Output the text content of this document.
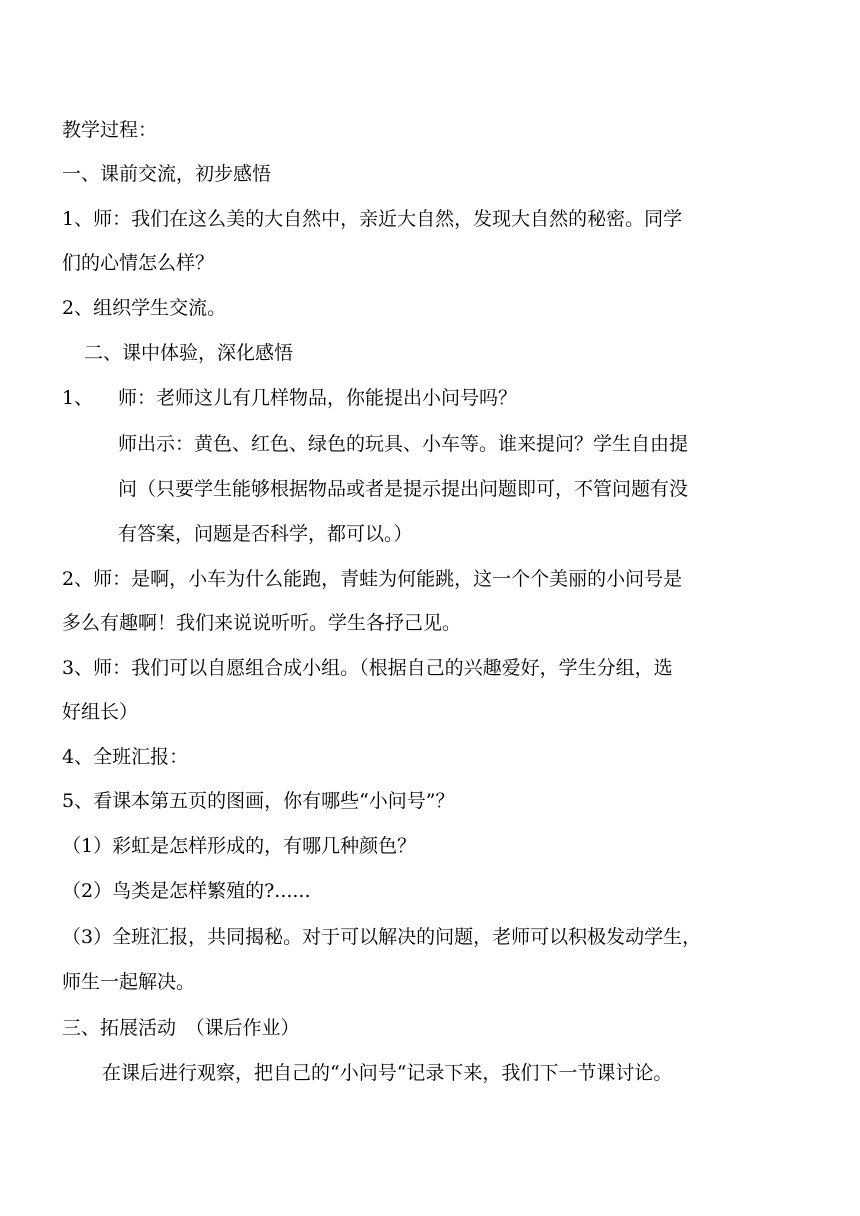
教学过程：
一、课前交流，初步感悟
1、师：我们在这么美的大自然中，亲近大自然，发现大自然的秘密。同学
们的心情怎么样？
2、组织学生交流。
二、课中体验，深化感悟
1、 师：老师这儿有几样物品，你能提出小问号吗？
师出示：黄色、红色、绿色的玩具、小车等。谁来提问？学生自由提
问（只要学生能够根据物品或者是提示提出问题即可，不管问题有没
有答案，问题是否科学，都可以。）
2、师：是啊，小车为什么能跑，青蛙为何能跳，这一个个美丽的小问号是
多么有趣啊！我们来说说听听。学生各抒己见。
3、师：我们可以自愿组合成小组。（根据自己的兴趣爱好，学生分组，选
好组长）
4、全班汇报：
5、看课本第五页的图画，你有哪些“小问号”？
（1）彩虹是怎样形成的，有哪几种颜色？
（2）鸟类是怎样繁殖的?......
（3）全班汇报，共同揭秘。对于可以解决的问题，老师可以积极发动学生，
师生一起解决。
三、拓展活动　（课后作业）
在课后进行观察，把自己的“小问号“记录下来，我们下一节课讨论。
